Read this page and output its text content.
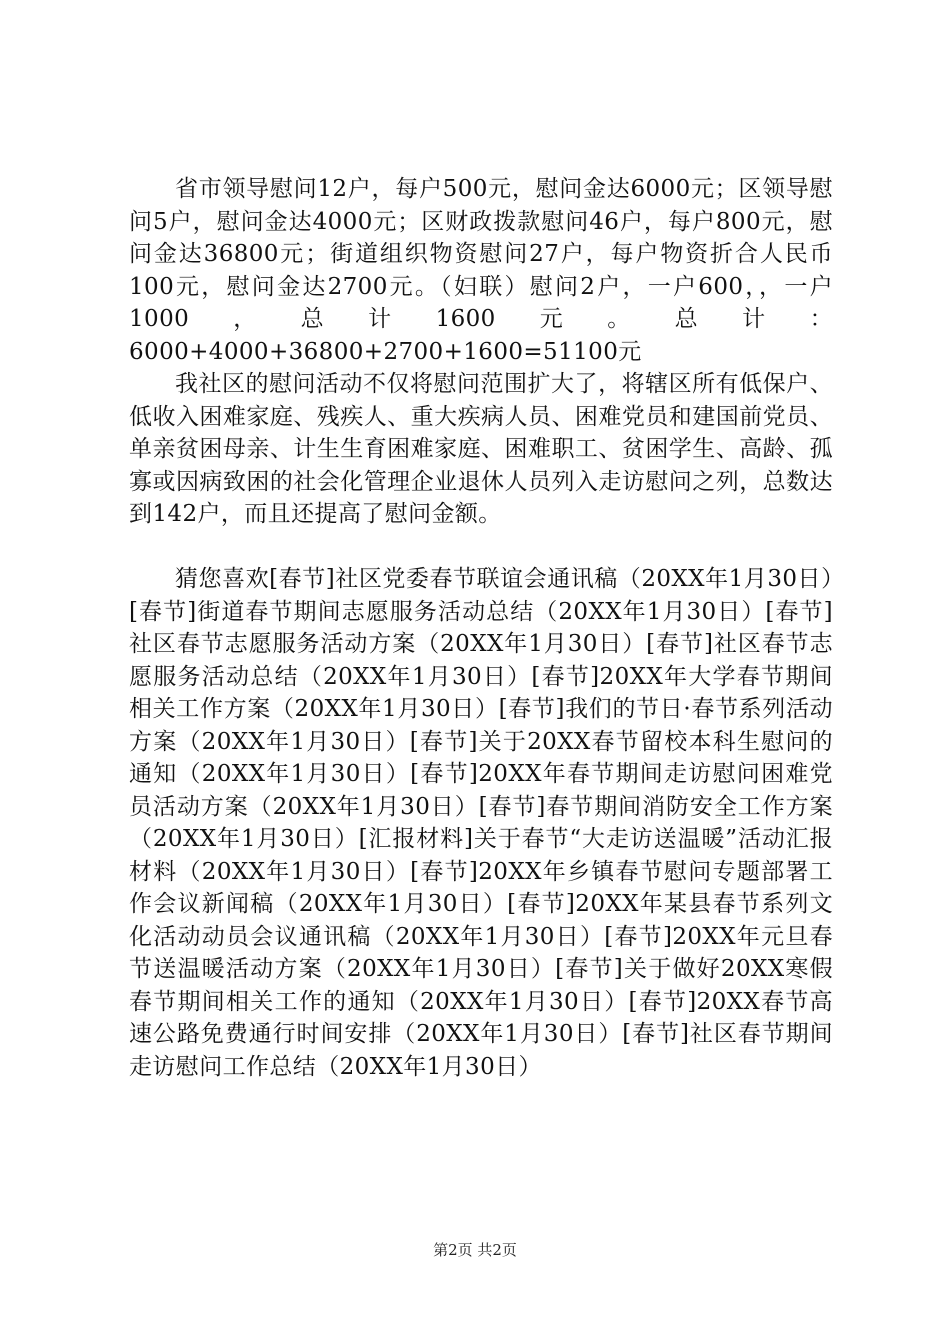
省市领导慰问12户，每户500元，慰问金达6000元；区领导慰问5户，慰问金达4000元；区财政拨款慰问46户，每户800元，慰问金达36800元；街道组织物资慰问27户，每户物资折合人民币100元，慰问金达2700元。（妇联）慰问2户，一户600，，一户1000，总计1600元。总计：6000+4000+36800+2700+1600=51100元

我社区的慰问活动不仅将慰问范围扩大了，将辖区所有低保户、低收入困难家庭、残疾人、重大疾病人员、困难党员和建国前党员、单亲贫困母亲、计生生育困难家庭、困难职工、贫困学生、高龄、孤寡或因病致困的社会化管理企业退休人员列入走访慰问之列，总数达到142户，而且还提高了慰问金额。

猜您喜欢[春节]社区党委春节联谊会通讯稿（20XX年1月30日）[春节]街道春节期间志愿服务活动总结（20XX年1月30日）[春节]社区春节志愿服务活动方案（20XX年1月30日）[春节]社区春节志愿服务活动总结（20XX年1月30日）[春节]20XX年大学春节期间相关工作方案（20XX年1月30日）[春节]我们的节日·春节系列活动方案（20XX年1月30日）[春节]关于20XX春节留校本科生慰问的通知（20XX年1月30日）[春节]20XX年春节期间走访慰问困难党员活动方案（20XX年1月30日）[春节]春节期间消防安全工作方案（20XX年1月30日）[汇报材料]关于春节“大走访送温暖”活动汇报材料（20XX年1月30日）[春节]20XX年乡镇春节慰问专题部署工作会议新闻稿（20XX年1月30日）[春节]20XX年某县春节系列文化活动动员会议通讯稿（20XX年1月30日）[春节]20XX年元旦春节送温暖活动方案（20XX年1月30日）[春节]关于做好20XX寒假春节期间相关工作的通知（20XX年1月30日）[春节]20XX春节高速公路免费通行时间安排（20XX年1月30日）[春节]社区春节期间走访慰问工作总结（20XX年1月30日）

第2页 共2页
